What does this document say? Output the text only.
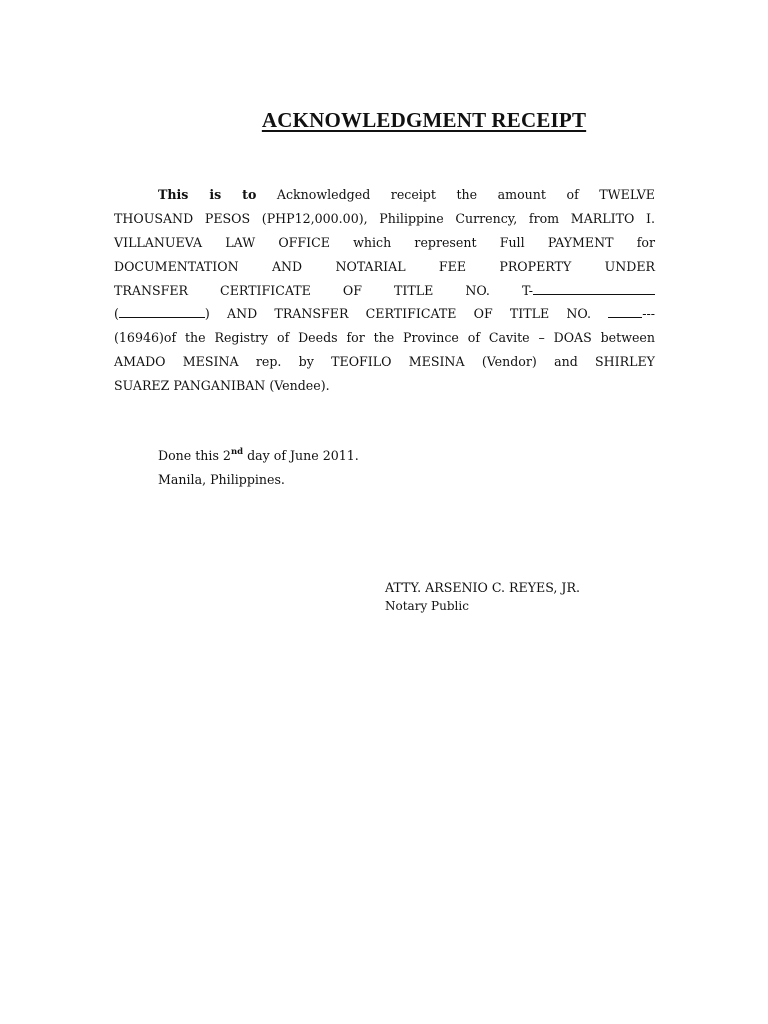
ACKNOWLEDGMENT RECEIPT
This is to Acknowledged receipt the amount of TWELVE
THOUSAND PESOS (PHP12,000.00), Philippine Currency, from MARLITO I.
VILLANUEVA LAW OFFICE which represent Full PAYMENT for
DOCUMENTATION AND NOTARIAL FEE PROPERTY UNDER
TRANSFER CERTIFICATE OF TITLE NO. T-
(	) AND TRANSFER CERTIFICATE OF TITLE NO.	---
(16946)of the Registry of Deeds for the Province of Cavite – DOAS between
AMADO MESINA rep. by TEOFILO MESINA (Vendor) and SHIRLEY
SUAREZ PANGANIBAN (Vendee).
Done this 2nd day of June 2011.
Manila, Philippines.
ATTY. ARSENIO C. REYES, JR.
Notary Public
